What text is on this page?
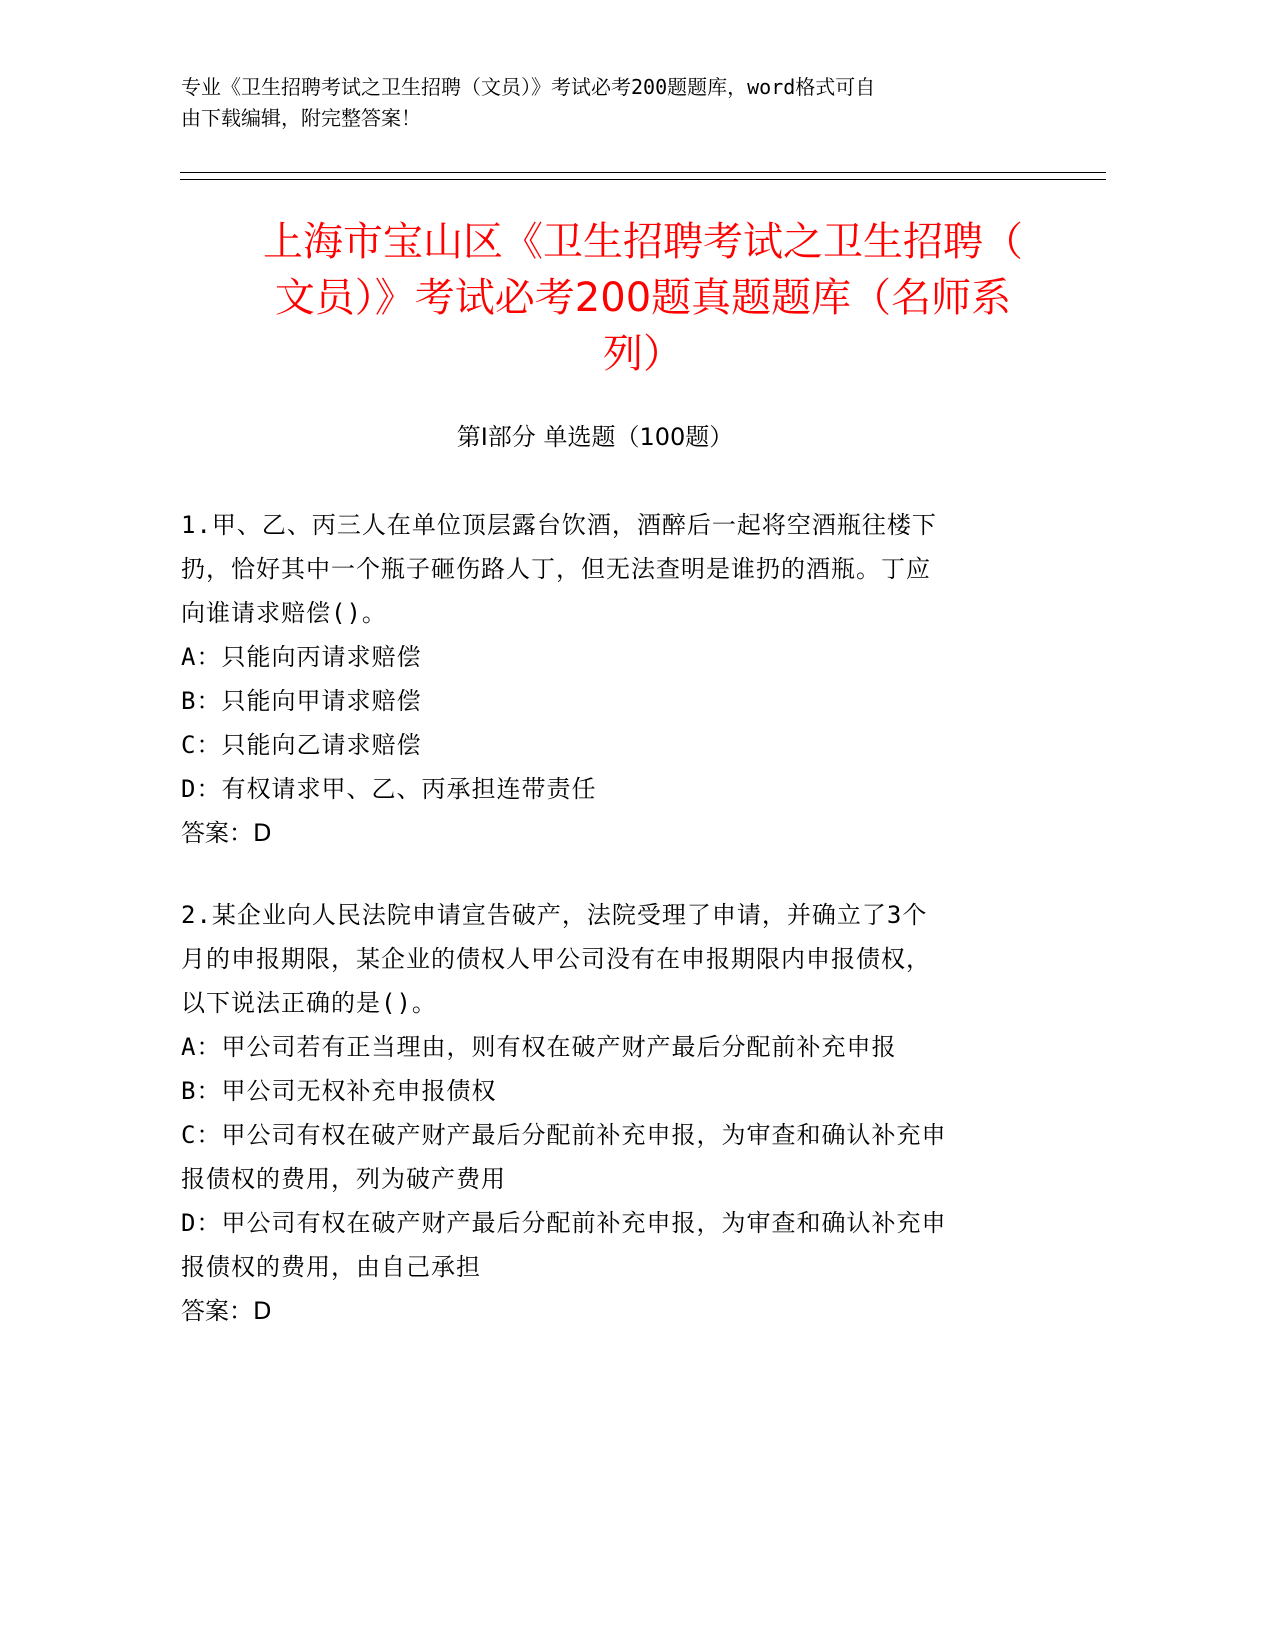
专业《卫生招聘考试之卫生招聘（文员）》考试必考200题题库，word格式可自
由下载编辑，附完整答案！
上海市宝山区《卫生招聘考试之卫生招聘（
文员）》考试必考200题真题题库（名师系
列）
第Ⅰ部分 单选题（100题）
1.甲、乙、丙三人在单位顶层露台饮酒，酒醉后一起将空酒瓶往楼下
扔，恰好其中一个瓶子砸伤路人丁，但无法查明是谁扔的酒瓶。丁应
向谁请求赔偿()。
A：只能向丙请求赔偿
B：只能向甲请求赔偿
C：只能向乙请求赔偿
D：有权请求甲、乙、丙承担连带责任
答案：D
2.某企业向人民法院申请宣告破产，法院受理了申请，并确立了3个
月的申报期限，某企业的债权人甲公司没有在申报期限内申报债权，
以下说法正确的是()。
A：甲公司若有正当理由，则有权在破产财产最后分配前补充申报
B：甲公司无权补充申报债权
C：甲公司有权在破产财产最后分配前补充申报，为审查和确认补充申
报债权的费用，列为破产费用
D：甲公司有权在破产财产最后分配前补充申报，为审查和确认补充申
报债权的费用，由自己承担
答案：D
